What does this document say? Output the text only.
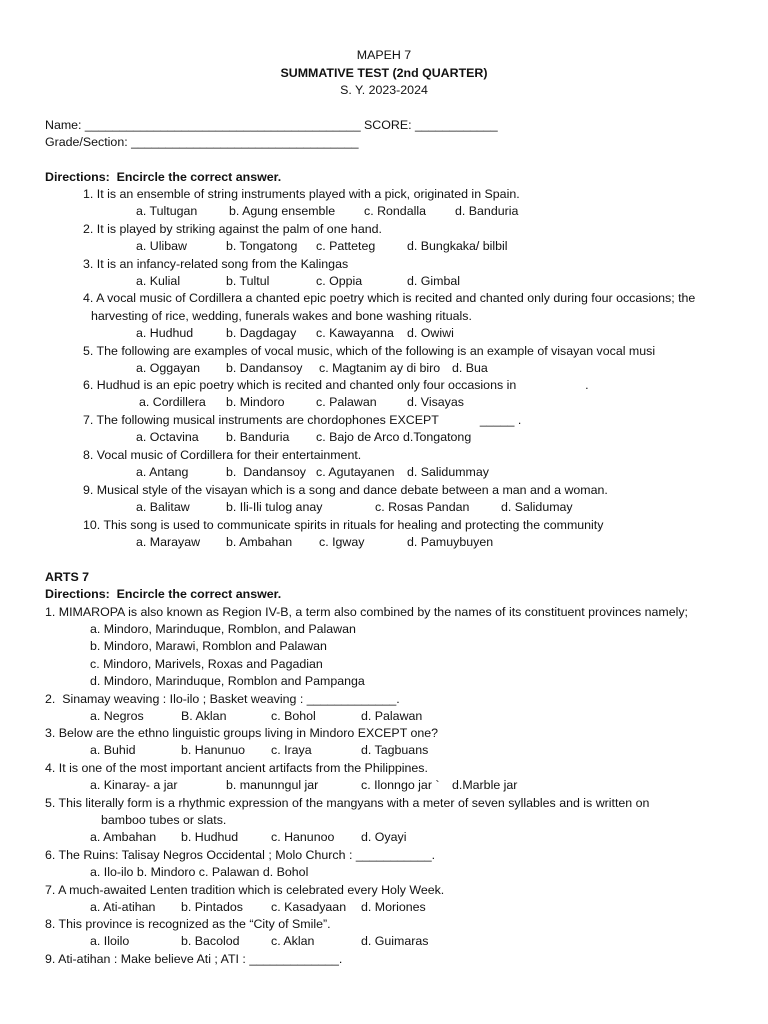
MAPEH 7
SUMMATIVE TEST (2nd QUARTER)
S. Y. 2023-2024
Name: ________________________________________ SCORE: ____________
Grade/Section: _________________________________
Directions:  Encircle the correct answer.
1. It is an ensemble of string instruments played with a pick, originated in Spain.
a. Tultugan	b. Agung ensemble c. Rondalla d. Banduria
2. It is played by striking against the palm of one hand.
a. Ulibaw	b. Tongatong c. Patteteg	d. Bungkaka/ bilbil
3. It is an infancy-related song from the Kalingas
a. Kulial	b. Tultul	c. Oppia	d. Gimbal
4. A vocal music of Cordillera a chanted epic poetry which is recited and chanted only during four occasions; the
harvesting of rice, wedding, funerals wakes and bone washing rituals.
a. Hudhud	b. Dagdagay c. Kawayanna d. Owiwi
5. The following are examples of vocal music, which of the following is an example of visayan vocal musi
a. Oggayan b. Dandansoy c. Magtanim ay di biro d. Bua
6. Hudhud is an epic poetry which is recited and chanted only four occasions in                    .
a. Cordillera b. Mindoro	c. Palawan d. Visayas
7. The following musical instruments are chordophones EXCEPT            _____ .
a. Octavina b. Banduria c. Bajo de Arco d.Tongatong
8. Vocal music of Cordillera for their entertainment.
a. Antang	b.  Dandansoy c. Agutayanen d. Salidummay
9. Musical style of the visayan which is a song and dance debate between a man and a woman.
a. Balitaw	b. Ili-Ili tulog anay	c. Rosas Pandan	d. Salidumay
10. This song is used to communicate spirits in rituals for healing and protecting the community
a. Marayaw b. Ambahan c. Igway	d. Pamuybuyen
ARTS 7
Directions:  Encircle the correct answer.
1. MIMAROPA is also known as Region IV-B, a term also combined by the names of its constituent provinces namely;
a. Mindoro, Marinduque, Romblon, and Palawan
b. Mindoro, Marawi, Romblon and Palawan
c. Mindoro, Marivels, Roxas and Pagadian
d. Mindoro, Marinduque, Romblon and Pampanga
2.  Sinamay weaving : Ilo-ilo ; Basket weaving : _____________.
a. Negros	B. Aklan	c. Bohol	d. Palawan
3. Below are the ethno linguistic groups living in Mindoro EXCEPT one?
a. Buhid	b. Hanunuo c. Iraya	d. Tagbuans
4. It is one of the most important ancient artifacts from the Philippines.
a. Kinaray- a jar	b. manunngul jar	c. Ilonngo jar ` d.Marble jar
5. This literally form is a rhythmic expression of the mangyans with a meter of seven syllables and is written on
bamboo tubes or slats.
a. Ambahan b. Hudhud	c. Hanunoo d. Oyayi
6. The Ruins: Talisay Negros Occidental ; Molo Church : ___________.
a. Ilo-ilo b. Mindoro c. Palawan d. Bohol
7. A much-awaited Lenten tradition which is celebrated every Holy Week.
a. Ati-atihan b. Pintados c. Kasadyaan d. Moriones
8. This province is recognized as the “City of Smile”.
a. Iloilo	b. Bacolod	c. Aklan	d. Guimaras
9. Ati-atihan : Make believe Ati ; ATI : _____________.
